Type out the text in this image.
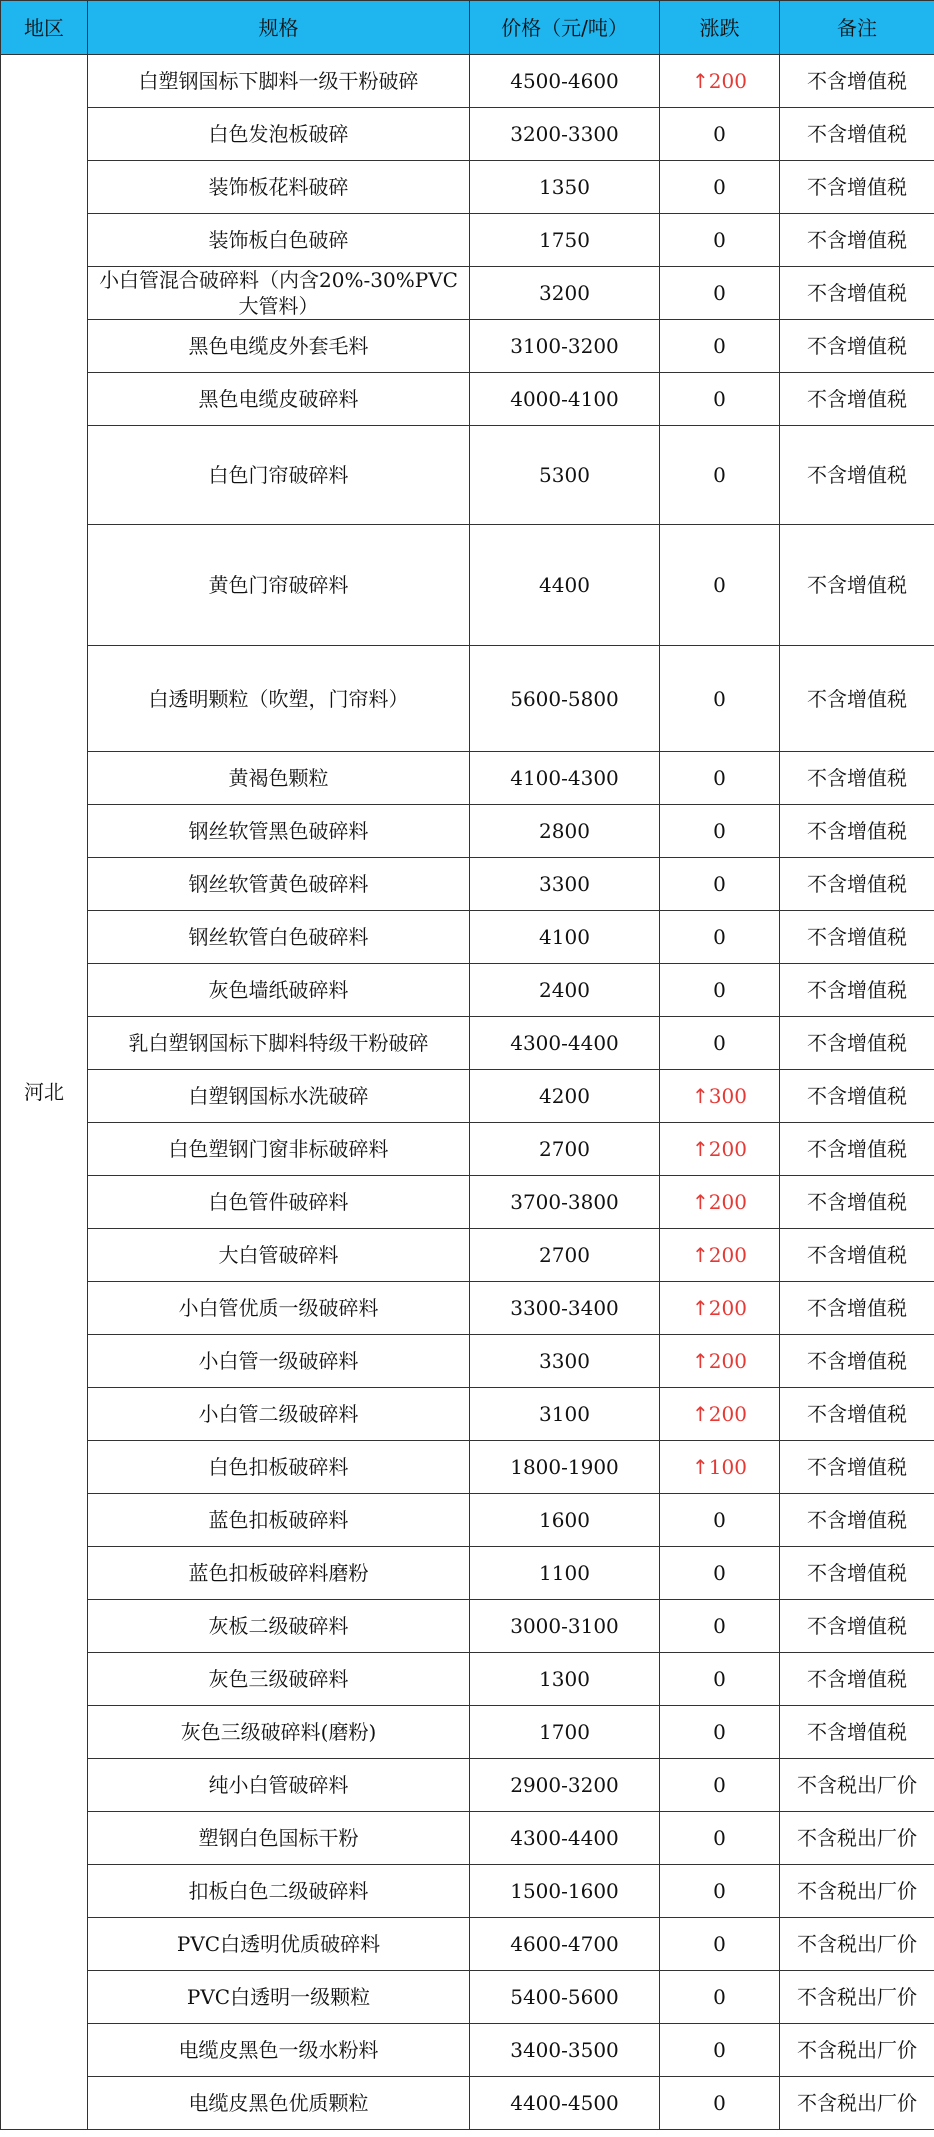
地区	规格	价格（元/吨）	涨跌	备注
河北	白塑钢国标下脚料一级干粉破碎	4500-4600	↑200	不含增值税
	白色发泡板破碎	3200-3300	0	不含增值税
	装饰板花料破碎	1350	0	不含增值税
	装饰板白色破碎	1750	0	不含增值税
	小白管混合破碎料（内含20%-30%PVC大管料）	3200	0	不含增值税
	黑色电缆皮外套毛料	3100-3200	0	不含增值税
	黑色电缆皮破碎料	4000-4100	0	不含增值税
	白色门帘破碎料	5300	0	不含增值税
	黄色门帘破碎料	4400	0	不含增值税
	白透明颗粒（吹塑，门帘料）	5600-5800	0	不含增值税
	黄褐色颗粒	4100-4300	0	不含增值税
	钢丝软管黑色破碎料	2800	0	不含增值税
	钢丝软管黄色破碎料	3300	0	不含增值税
	钢丝软管白色破碎料	4100	0	不含增值税
	灰色墙纸破碎料	2400	0	不含增值税
	乳白塑钢国标下脚料特级干粉破碎	4300-4400	0	不含增值税
	白塑钢国标水洗破碎	4200	↑300	不含增值税
	白色塑钢门窗非标破碎料	2700	↑200	不含增值税
	白色管件破碎料	3700-3800	↑200	不含增值税
	大白管破碎料	2700	↑200	不含增值税
	小白管优质一级破碎料	3300-3400	↑200	不含增值税
	小白管一级破碎料	3300	↑200	不含增值税
	小白管二级破碎料	3100	↑200	不含增值税
	白色扣板破碎料	1800-1900	↑100	不含增值税
	蓝色扣板破碎料	1600	0	不含增值税
	蓝色扣板破碎料磨粉	1100	0	不含增值税
	灰板二级破碎料	3000-3100	0	不含增值税
	灰色三级破碎料	1300	0	不含增值税
	灰色三级破碎料(磨粉)	1700	0	不含增值税
	纯小白管破碎料	2900-3200	0	不含税出厂价
	塑钢白色国标干粉	4300-4400	0	不含税出厂价
	扣板白色二级破碎料	1500-1600	0	不含税出厂价
	PVC白透明优质破碎料	4600-4700	0	不含税出厂价
	PVC白透明一级颗粒	5400-5600	0	不含税出厂价
	电缆皮黑色一级水粉料	3400-3500	0	不含税出厂价
	电缆皮黑色优质颗粒	4400-4500	0	不含税出厂价
